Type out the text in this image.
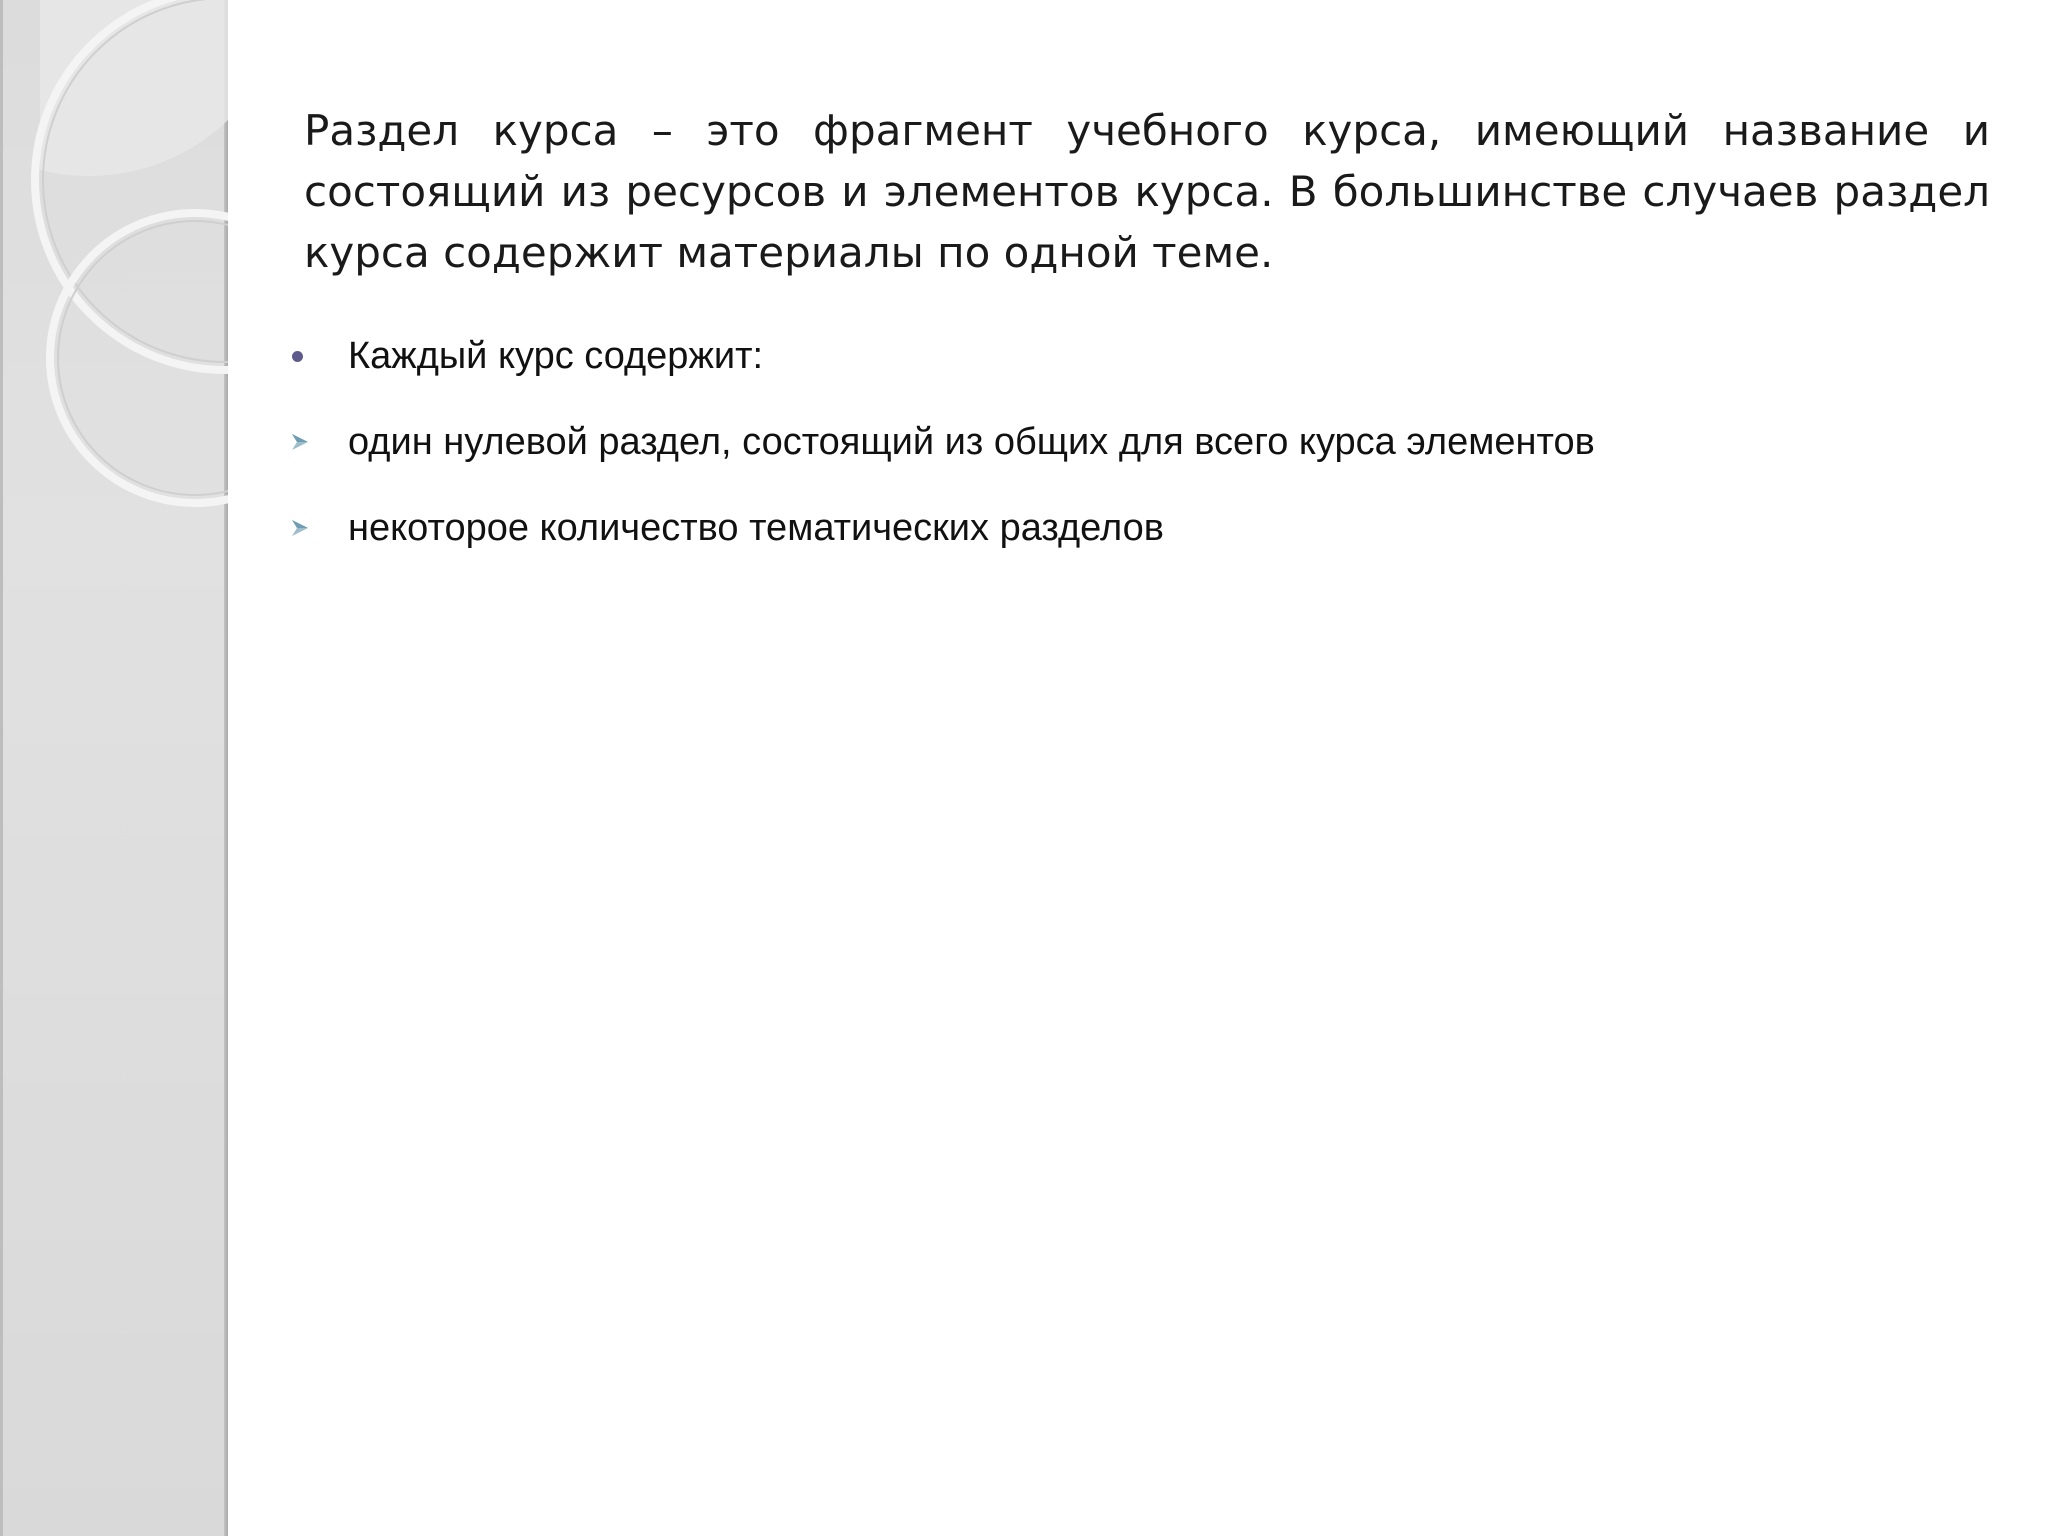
Раздел курса – это фрагмент учебного курса, имеющий название и состоящий из ресурсов и элементов курса. В большинстве случаев раздел курса содержит материалы по одной теме.

Каждый курс содержит:
один нулевой раздел, состоящий из общих для всего курса элементов
некоторое количество тематических разделов
